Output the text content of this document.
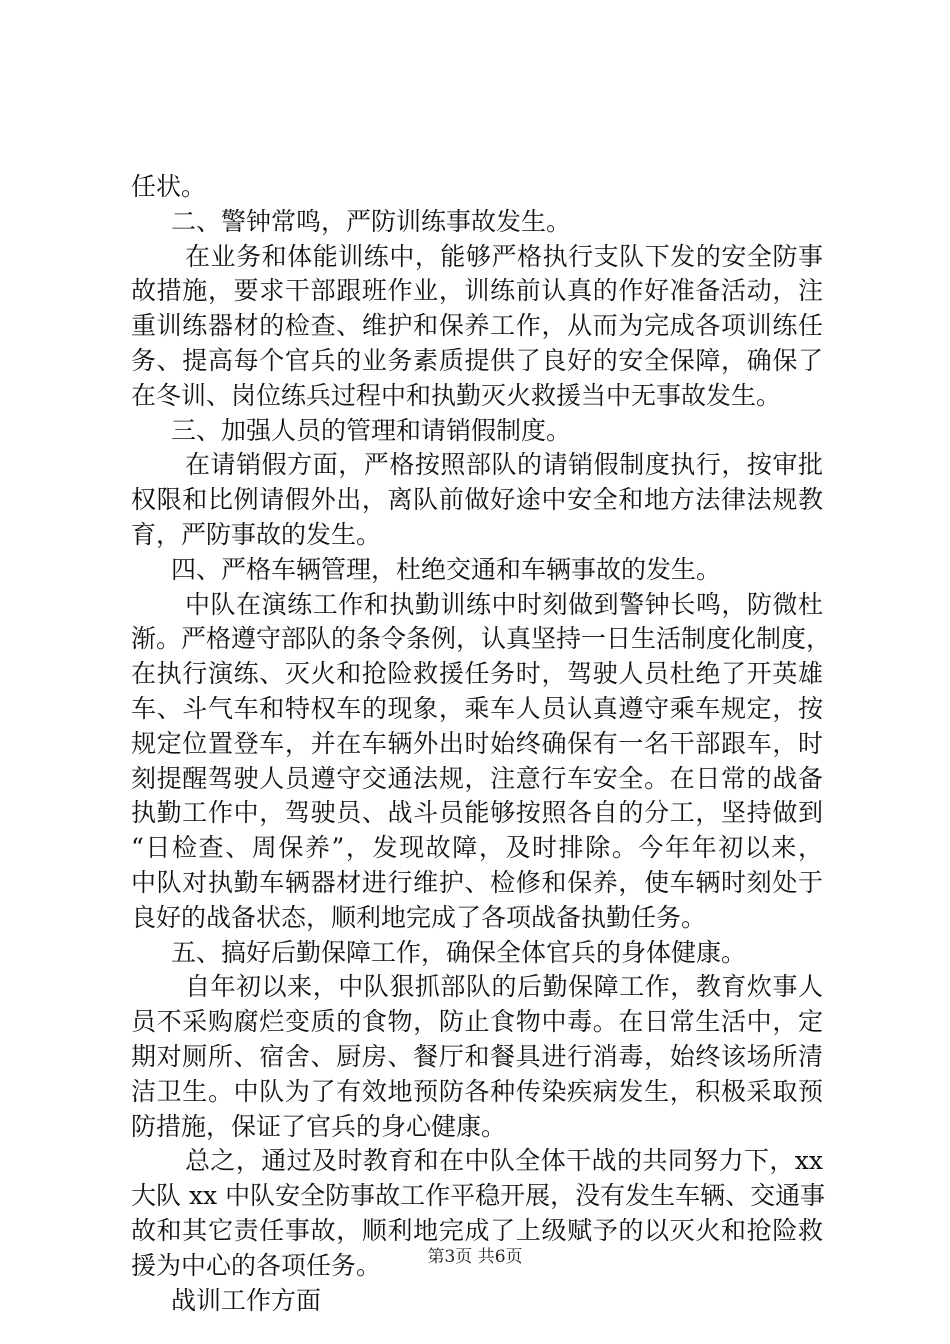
任状。
二、警钟常鸣，严防训练事故发生。
在业务和体能训练中，能够严格执行支队下发的安全防事
故措施，要求干部跟班作业，训练前认真的作好准备活动，注
重训练器材的检查、维护和保养工作，从而为完成各项训练任
务、提高每个官兵的业务素质提供了良好的安全保障，确保了
在冬训、岗位练兵过程中和执勤灭火救援当中无事故发生。
三、加强人员的管理和请销假制度。
在请销假方面，严格按照部队的请销假制度执行，按审批
权限和比例请假外出，离队前做好途中安全和地方法律法规教
育，严防事故的发生。
四、严格车辆管理，杜绝交通和车辆事故的发生。
中队在演练工作和执勤训练中时刻做到警钟长鸣，防微杜
渐。严格遵守部队的条令条例，认真坚持一日生活制度化制度，
在执行演练、灭火和抢险救援任务时，驾驶人员杜绝了开英雄
车、斗气车和特权车的现象，乘车人员认真遵守乘车规定，按
规定位置登车，并在车辆外出时始终确保有一名干部跟车，时
刻提醒驾驶人员遵守交通法规，注意行车安全。在日常的战备
执勤工作中，驾驶员、战斗员能够按照各自的分工，坚持做到
“日检查、周保养”，发现故障，及时排除。今年年初以来，
中队对执勤车辆器材进行维护、检修和保养，使车辆时刻处于
良好的战备状态，顺利地完成了各项战备执勤任务。
五、搞好后勤保障工作，确保全体官兵的身体健康。
自年初以来，中队狠抓部队的后勤保障工作，教育炊事人
员不采购腐烂变质的食物，防止食物中毒。在日常生活中，定
期对厕所、宿舍、厨房、餐厅和餐具进行消毒，始终该场所清
洁卫生。中队为了有效地预防各种传染疾病发生，积极采取预
防措施，保证了官兵的身心健康。
总之，通过及时教育和在中队全体干战的共同努力下，xx
大队 xx 中队安全防事故工作平稳开展，没有发生车辆、交通事
故和其它责任事故，顺利地完成了上级赋予的以灭火和抢险救
援为中心的各项任务。
战训工作方面
第3页 共6页
